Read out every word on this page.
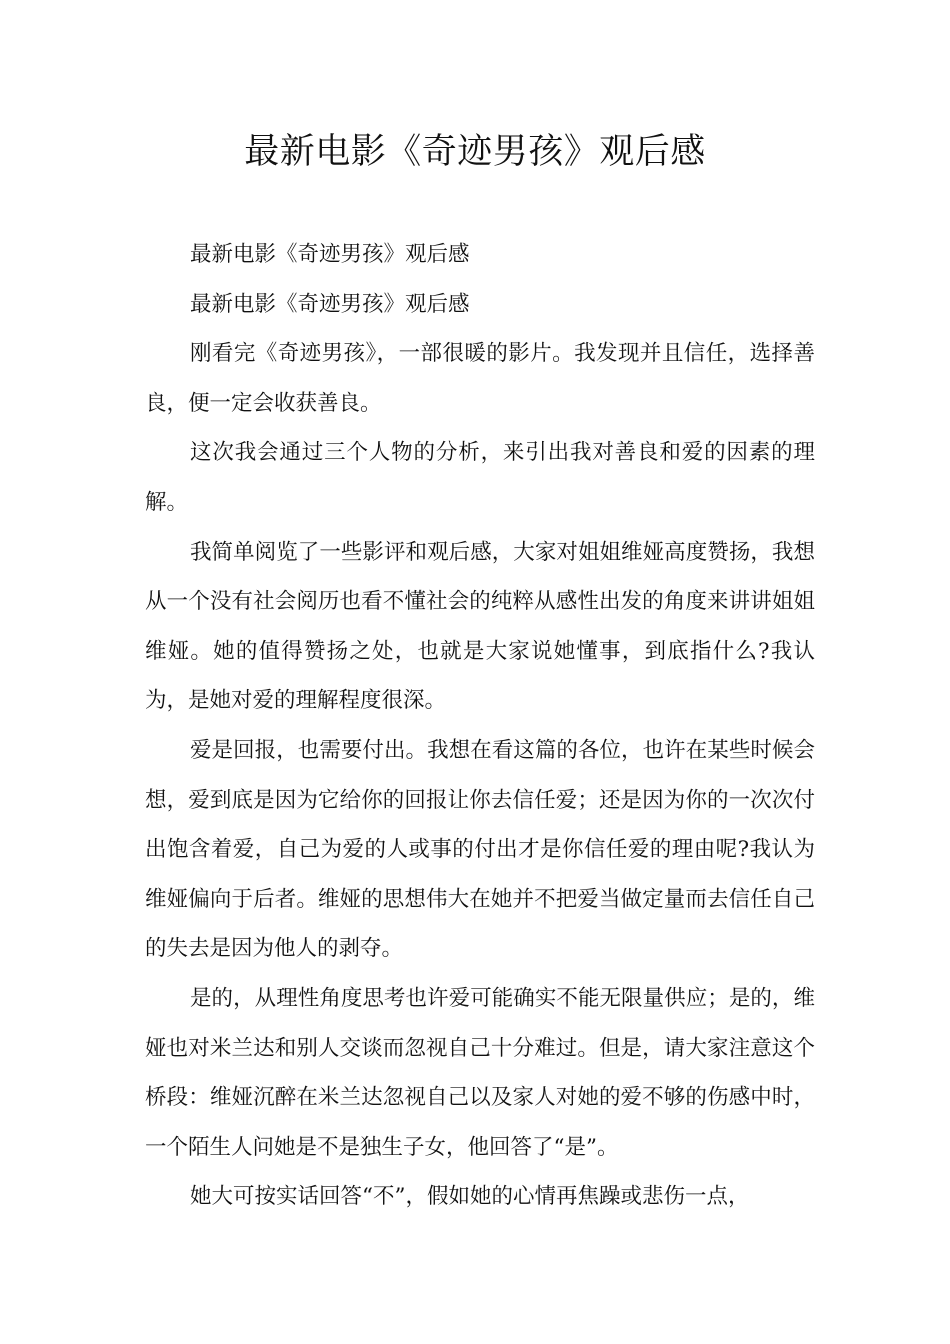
最新电影《奇迹男孩》观后感

最新电影《奇迹男孩》观后感

最新电影《奇迹男孩》观后感

刚看完《奇迹男孩》，一部很暖的影片。我发现并且信任，选择善良，便一定会收获善良。

这次我会通过三个人物的分析，来引出我对善良和爱的因素的理解。

我简单阅览了一些影评和观后感，大家对姐姐维娅高度赞扬，我想从一个没有社会阅历也看不懂社会的纯粹从感性出发的角度来讲讲姐姐维娅。她的值得赞扬之处，也就是大家说她懂事，到底指什么?我认为，是她对爱的理解程度很深。

爱是回报，也需要付出。我想在看这篇的各位，也许在某些时候会想，爱到底是因为它给你的回报让你去信任爱；还是因为你的一次次付出饱含着爱，自己为爱的人或事的付出才是你信任爱的理由呢?我认为维娅偏向于后者。维娅的思想伟大在她并不把爱当做定量而去信任自己的失去是因为他人的剥夺。

是的，从理性角度思考也许爱可能确实不能无限量供应；是的，维娅也对米兰达和别人交谈而忽视自己十分难过。但是，请大家注意这个桥段：维娅沉醉在米兰达忽视自己以及家人对她的爱不够的伤感中时，一个陌生人问她是不是独生子女，他回答了“是”。

她大可按实话回答“不”，假如她的心情再焦躁或悲伤一点，
